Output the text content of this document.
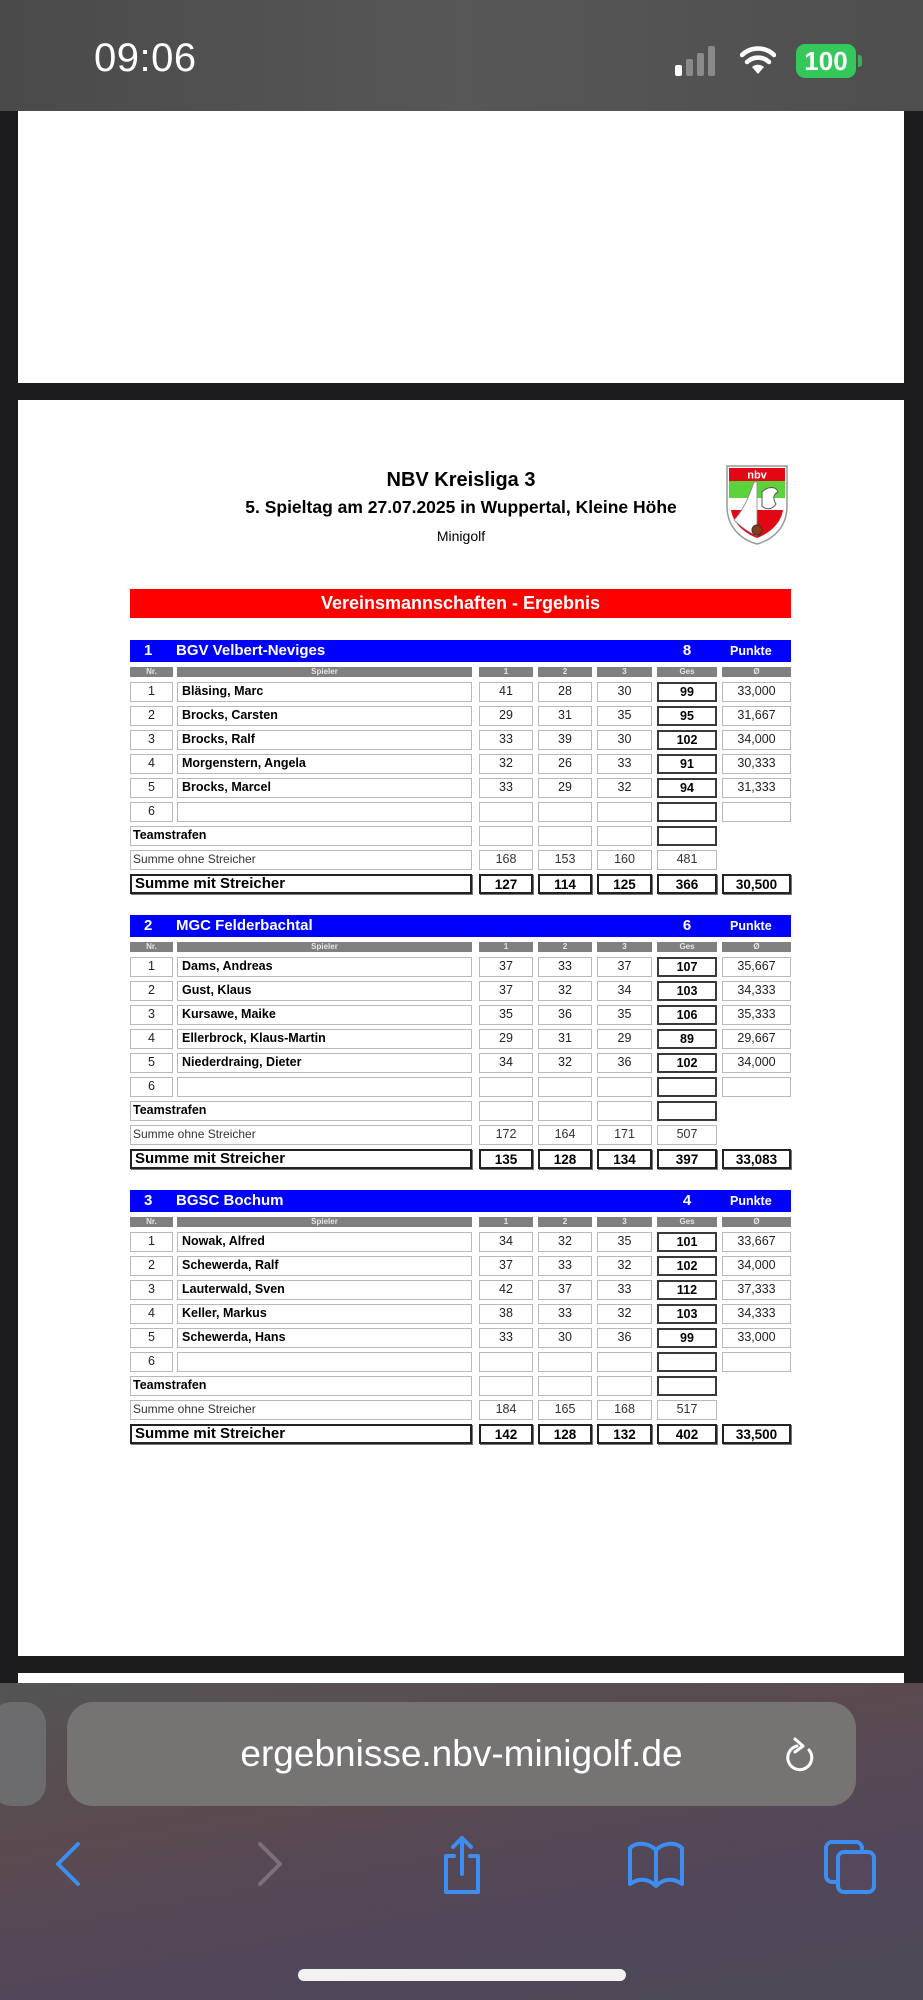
09:06	100
NBV Kreisliga 3
5. Spieltag am 27.07.2025 in Wuppertal, Kleine Höhe
Minigolf
nbv
Vereinsmannschaften - Ergebnis
1	BGV Velbert-Neviges	8	Punkte
Nr.	Spieler	1	2	3	Ges	Ø
1	Bläsing, Marc	41	28	30	99	33,000
2	Brocks, Carsten	29	31	35	95	31,667
3	Brocks, Ralf	33	39	30	102	34,000
4	Morgenstern, Angela	32	26	33	91	30,333
5	Brocks, Marcel	33	29	32	94	31,333
6
Teamstrafen
Summe ohne Streicher	168	153	160	481
Summe mit Streicher	127	114	125	366	30,500
2	MGC Felderbachtal	6	Punkte
Nr.	Spieler	1	2	3	Ges	Ø
1	Dams, Andreas	37	33	37	107	35,667
2	Gust, Klaus	37	32	34	103	34,333
3	Kursawe, Maike	35	36	35	106	35,333
4	Ellerbrock, Klaus-Martin	29	31	29	89	29,667
5	Niederdraing, Dieter	34	32	36	102	34,000
6
Teamstrafen
Summe ohne Streicher	172	164	171	507
Summe mit Streicher	135	128	134	397	33,083
3	BGSC Bochum	4	Punkte
Nr.	Spieler	1	2	3	Ges	Ø
1	Nowak, Alfred	34	32	35	101	33,667
2	Schewerda, Ralf	37	33	32	102	34,000
3	Lauterwald, Sven	42	37	33	112	37,333
4	Keller, Markus	38	33	32	103	34,333
5	Schewerda, Hans	33	30	36	99	33,000
6
Teamstrafen
Summe ohne Streicher	184	165	168	517
Summe mit Streicher	142	128	132	402	33,500
ergebnisse.nbv-minigolf.de
